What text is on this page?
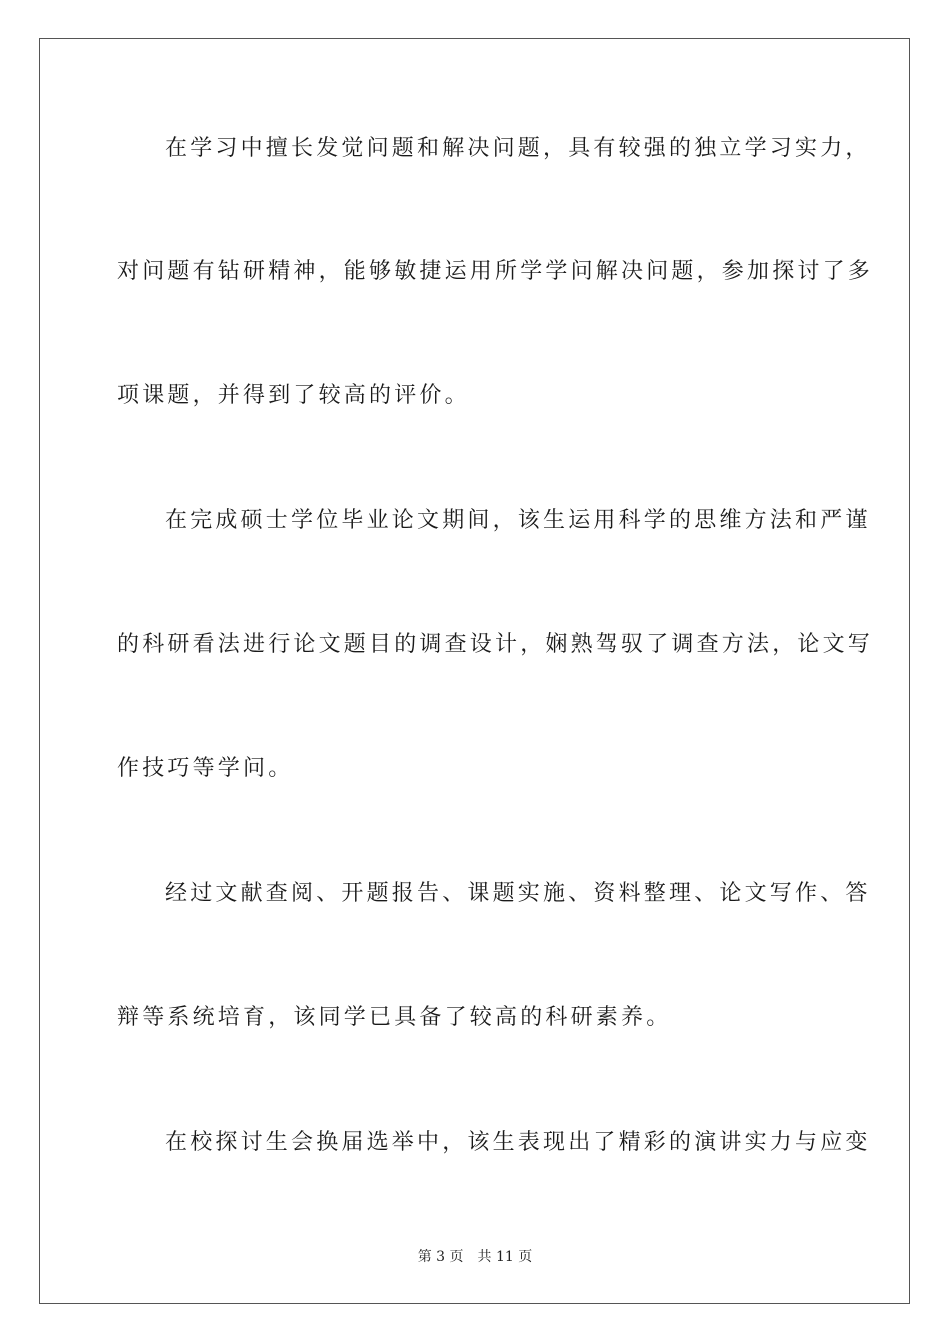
在学习中擅长发觉问题和解决问题，具有较强的独立学习实力，
对问题有钻研精神，能够敏捷运用所学学问解决问题，参加探讨了多
项课题，并得到了较高的评价。
在完成硕士学位毕业论文期间，该生运用科学的思维方法和严谨
的科研看法进行论文题目的调查设计，娴熟驾驭了调查方法，论文写
作技巧等学问。
经过文献查阅、开题报告、课题实施、资料整理、论文写作、答
辩等系统培育，该同学已具备了较高的科研素养。
在校探讨生会换届选举中，该生表现出了精彩的演讲实力与应变
第 3 页　共 11 页
